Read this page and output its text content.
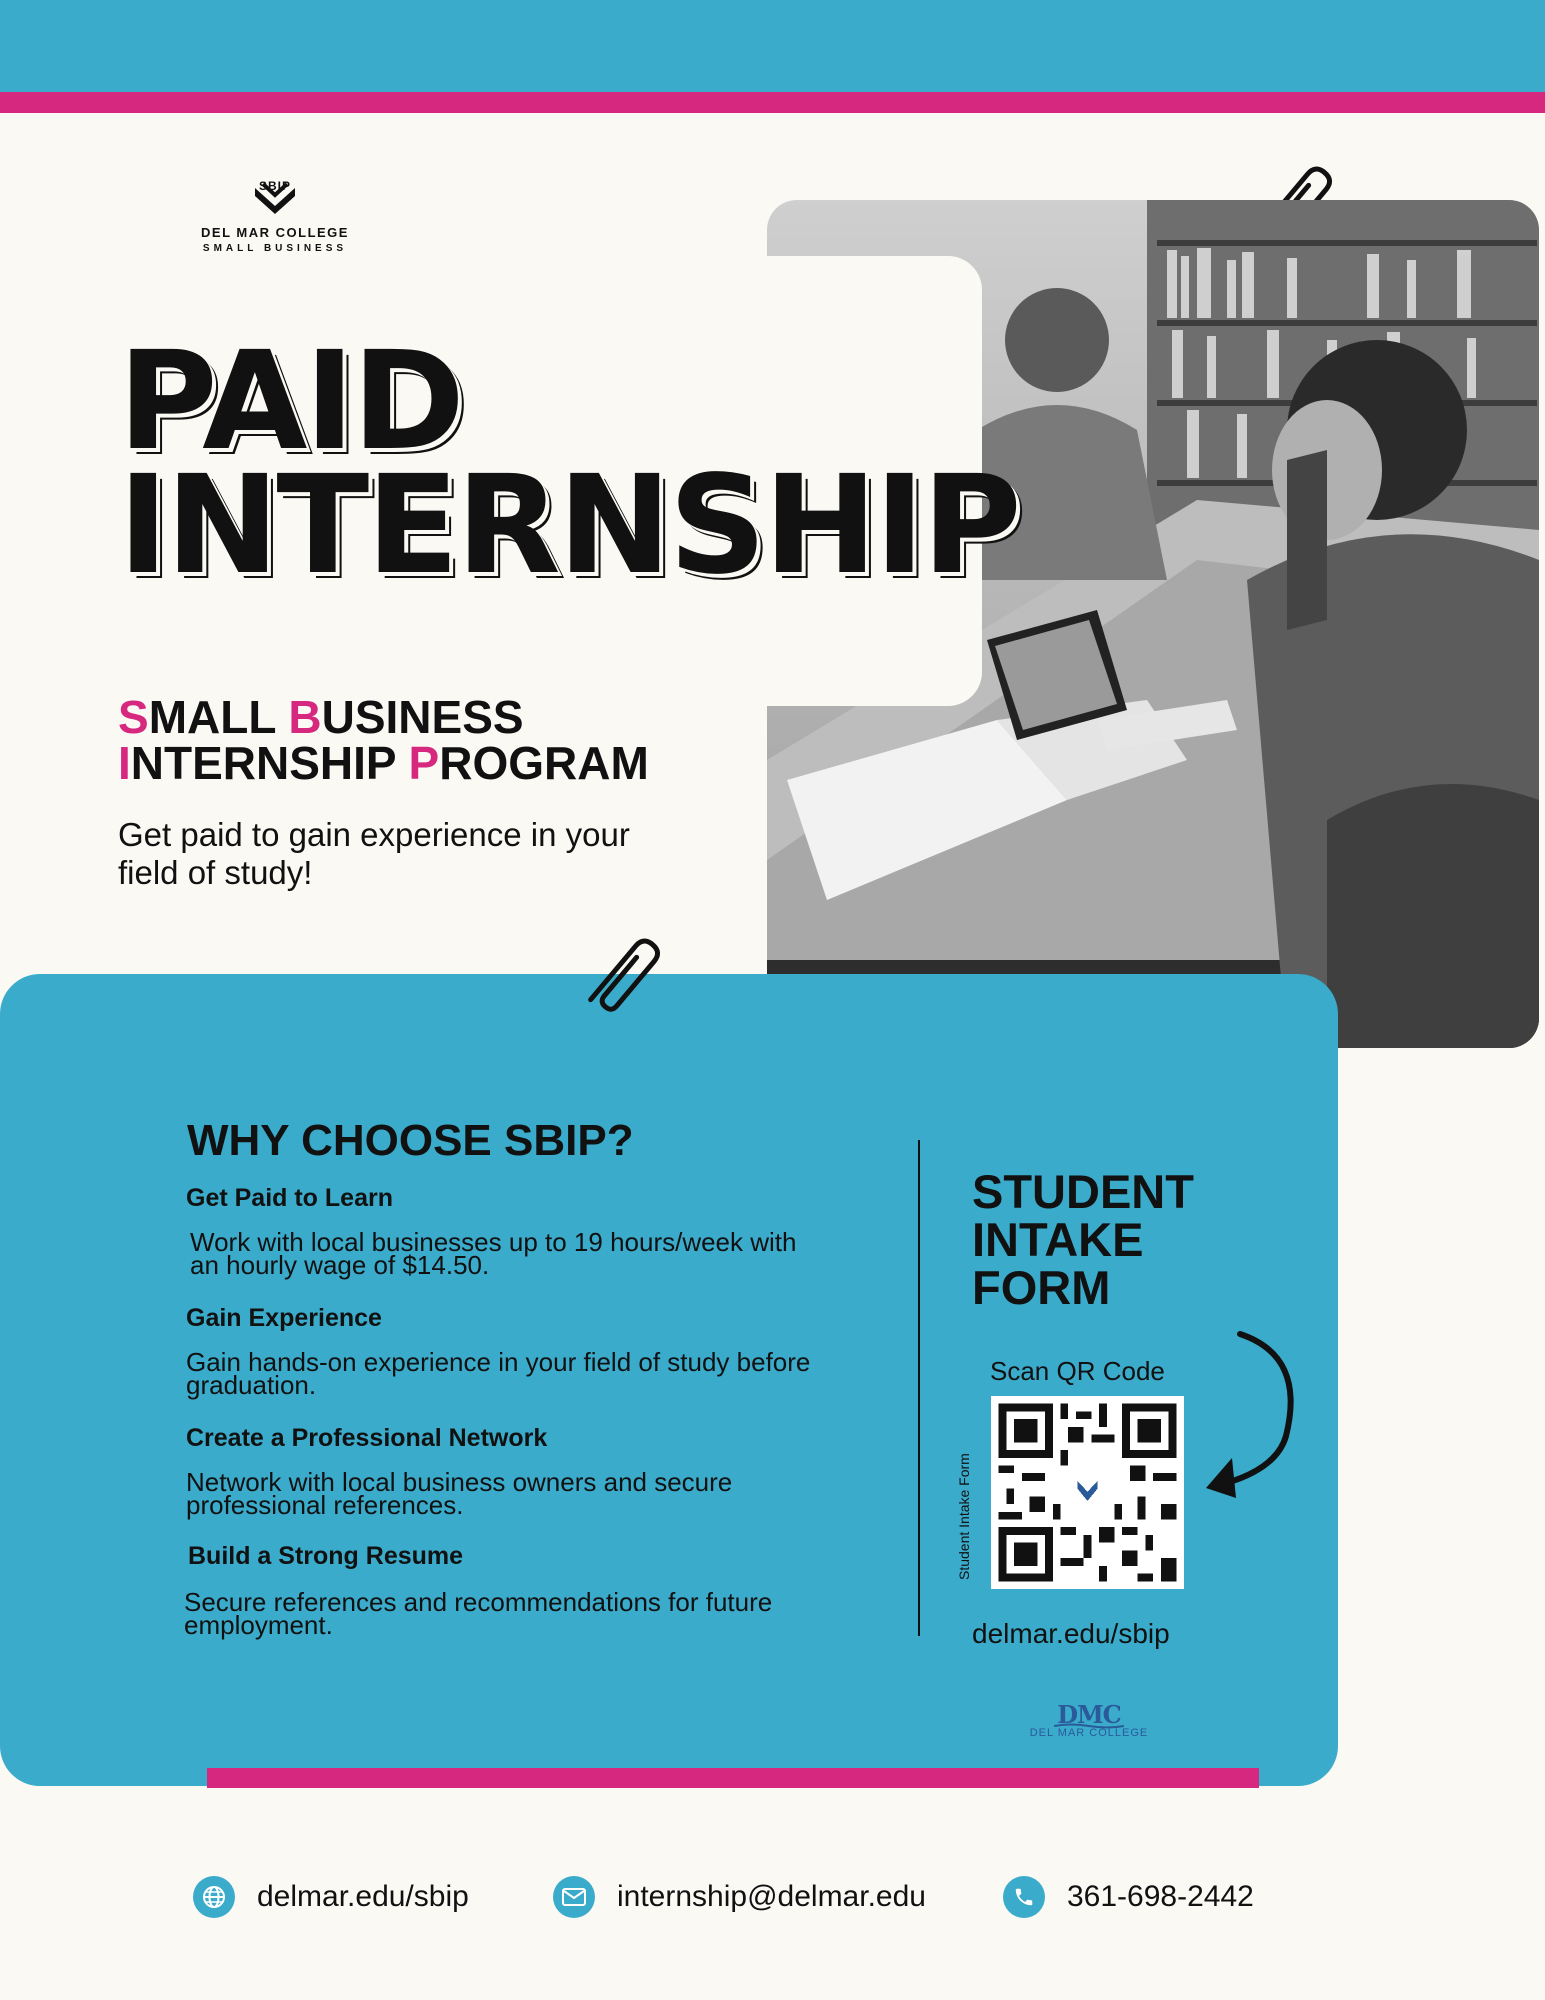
SBIP
DEL MAR COLLEGE
SMALL BUSINESS
PAID
INTERNSHIP
SMALL BUSINESS
INTERNSHIP PROGRAM
Get paid to gain experience in your field of study!
WHY CHOOSE SBIP?
Get Paid to Learn
Work with local businesses up to 19 hours/week with an hourly wage of $14.50.
Gain Experience
Gain hands-on experience in your field of study before graduation.
Create a Professional Network
Network with local business owners and secure professional references.
Build a Strong Resume
Secure references and recommendations for future employment.
STUDENT
INTAKE
FORM
Scan QR Code
Student Intake Form
delmar.edu/sbip
DMC
DEL MAR COLLEGE
delmar.edu/sbip	internship@delmar.edu	361-698-2442
